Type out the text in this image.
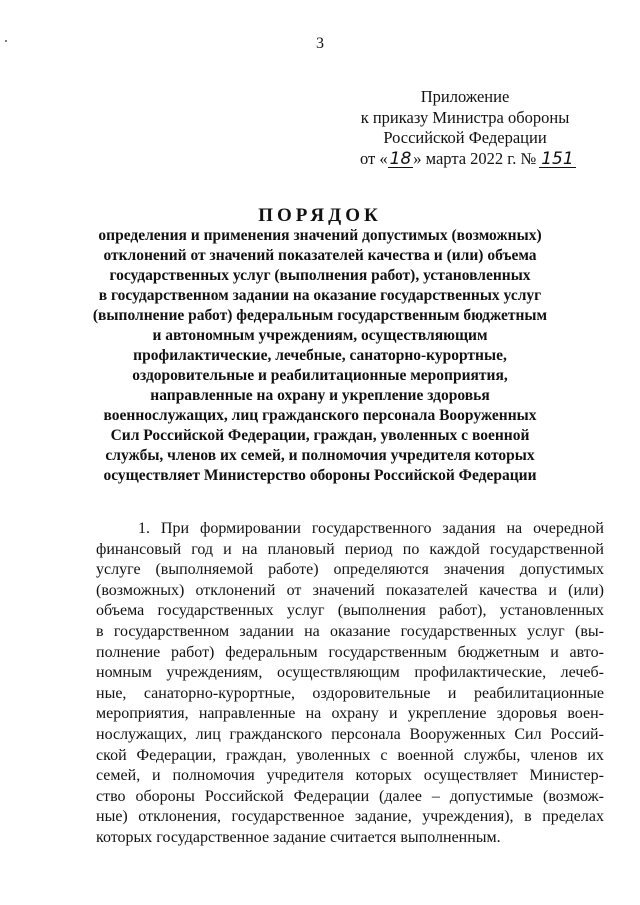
3
Приложение
к приказу Министра обороны
Российской Федерации
от « 18 » марта 2022 г. № 151
ПОРЯДОК
определения и применения значений допустимых (возможных)
отклонений от значений показателей качества и (или) объема
государственных услуг (выполнения работ), установленных
в государственном задании на оказание государственных услуг
(выполнение работ) федеральным государственным бюджетным
и автономным учреждениям, осуществляющим
профилактические, лечебные, санаторно-курортные,
оздоровительные и реабилитационные мероприятия,
направленные на охрану и укрепление здоровья
военнослужащих, лиц гражданского персонала Вооруженных
Сил Российской Федерации, граждан, уволенных с военной
службы, членов их семей, и полномочия учредителя которых
осуществляет Министерство обороны Российской Федерации
1. При формировании государственного задания на очередной
финансовый год и на плановый период по каждой государственной
услуге (выполняемой работе) определяются значения допустимых
(возможных) отклонений от значений показателей качества и (или)
объема государственных услуг (выполнения работ), установленных
в государственном задании на оказание государственных услуг (вы-
полнение работ) федеральным государственным бюджетным и авто-
номным учреждениям, осуществляющим профилактические, лечеб-
ные, санаторно-курортные, оздоровительные и реабилитационные
мероприятия, направленные на охрану и укрепление здоровья воен-
нослужащих, лиц гражданского персонала Вооруженных Сил Россий-
ской Федерации, граждан, уволенных с военной службы, членов их
семей, и полномочия учредителя которых осуществляет Министер-
ство обороны Российской Федерации (далее – допустимые (возмож-
ные) отклонения, государственное задание, учреждения), в пределах
которых государственное задание считается выполненным.
